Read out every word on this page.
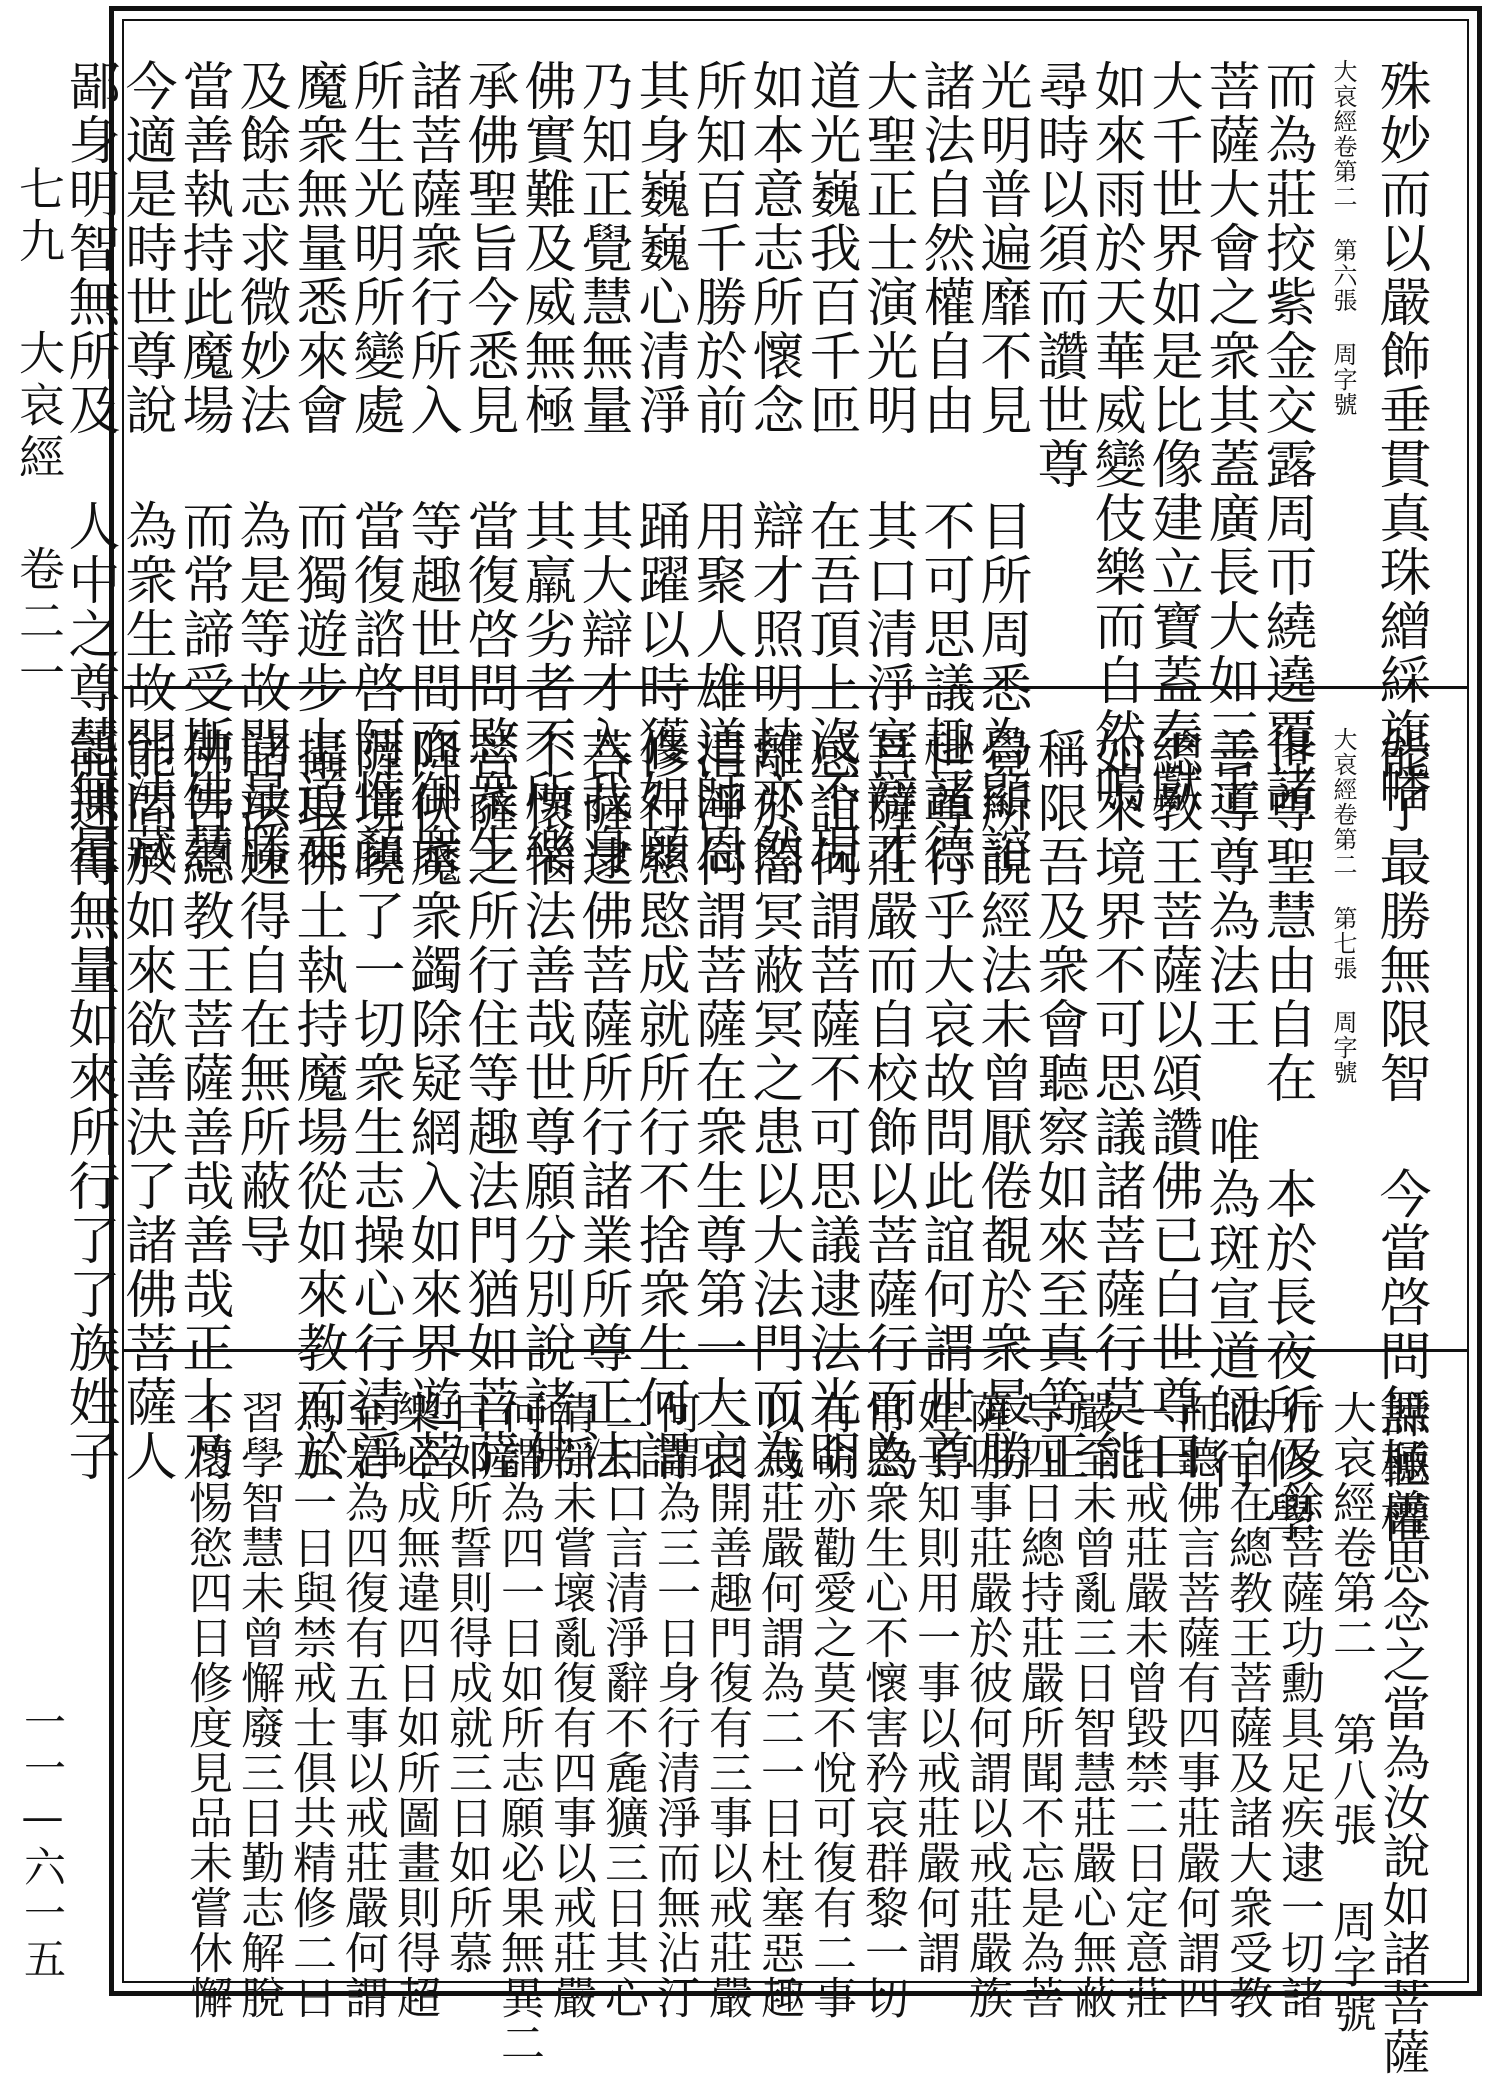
七九 大哀經 卷二一
一一—六一五
殊妙而以嚴飾垂貫真珠繒綵旗幡
大哀經卷第二 第六張 周字號
而為莊挍紫金交露周帀繞遶覆諸
菩薩大會之衆其蓋廣長大如三千
大千世界如是比像建立寶蓋奉獻
如來雨於天華威變伎樂而自然鳴
尋時以須而讚世尊
光明普遍靡不見 目所周悉為顯誼
諸法自然權自由 不可思議趣諸德
大聖正士演光明 其口清淨宣辯才
道光巍我百千匝 在吾頂上沒不現
如本意志所懷念 辯才照明持亦然
所知百千勝於前 用聚人雄道師恩
其身巍巍心清淨 踊躍以時獲如願
乃知正覺慧無量 其大辯才入我身
佛實難及威無極 其羸劣者不所樂
承佛聖旨今悉見 當復啓問愍衆生
諸菩薩衆行所入 等趣世間而御衆
所生光明所變處 當復諮啓阿惟顏
魔衆無量悉來會 而獨遊步上道乘
及餘志求微妙法 為是等故問最勝
當善執持此魔場 而常諦受斯佛慧
今適是時世尊說 為衆生故開法藏
鄙身明智無所及 人中之尊慧無量
能了最勝無限智 今當啓問無極權
大哀經卷第二 第七張 周字號
世尊聖慧由自在 本於長夜所修學
善導尊為法王 唯為斑宣道師行
總教王菩薩以頌讚佛已白世尊曰
如來境界不可思議諸菩薩行莫能
稱限吾及衆會聽察如來至真等正
覺所說經法未曾厭倦覩於衆最勝
世尊行乎大哀故問此誼何謂世尊
菩薩莊嚴而自校飾以菩薩行而為
感誼何謂菩薩不可思議逮法光明
離於闇冥蔽冥之患以大法門而為
清淨何謂菩薩在衆生尊第一大哀
修行慈愍成就所行不捨衆生何謂
菩薩逮佛菩薩所行諸業所尊正法
不懷惱法善哉世尊願分別說諸佛
菩薩之所行住等趣法門猶如菩薩
降伏魔衆蠲除疑網入如來界遊菩
薩境曉了一切衆生志操心行清淨
攝取佛土執持魔場從如來教而於
諸法速得自在無所蔽导
佛告總教王菩薩善哉善哉正士乃
能問於如來欲善決了諸佛菩薩人
能速得無量如來所行了了族姓子
諦聽善思念之當為汝說如諸菩薩
大哀經卷第二 第八張 周字號
行及餘菩薩功勳具足疾逮一切諸
法自在總教王菩薩及諸大衆受教
而聽佛言菩薩有四事莊嚴何謂四
一日戒莊嚴未曾毀禁二日定意莊
嚴至未曾亂三日智慧莊嚴心無蔽
导四日總持莊嚴所聞不忘是為菩
薩四事莊嚴於彼何謂以戒莊嚴族
姓子知則用一事以戒莊嚴何謂一
常愍衆生心不懷害矜哀群黎一切
有命亦勸愛之莫不悅可復有二事
以戒莊嚴何謂為二一日杜塞惡趣
二日開善趣門復有三事以戒莊嚴
何謂為三一日身行清淨而無沾汙
二日口言清淨辭不麁獷三日其心
清淨未嘗壞亂復有四事以戒莊嚴
何謂為四一日如所志願必果無異二
日如所誓則得成就三日如所慕
樂必成無違四日如所圖畫則得超
至是為四復有五事以戒莊嚴何謂
為五一日與禁戒士俱共精修二日
習學智慧未曾懈廢三日勤志解脫
不懷惕慾四日修度見品未嘗休懈
